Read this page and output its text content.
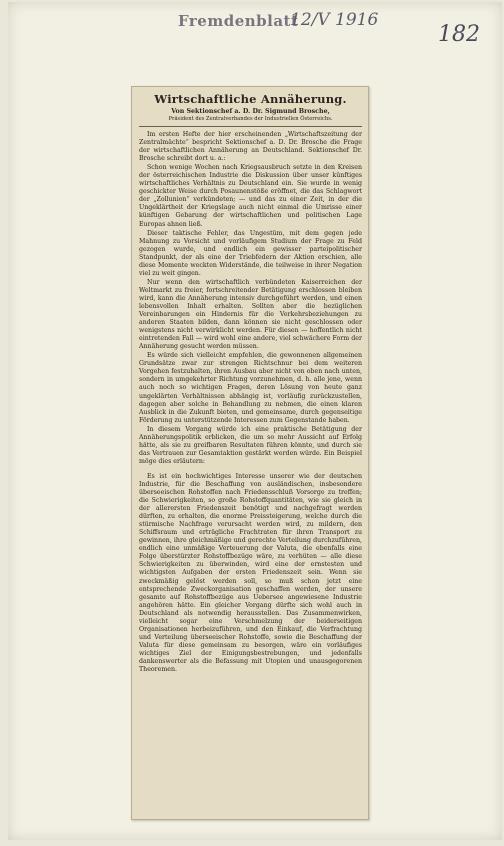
Fremdenblatt
12/V 1916
182
Wirtschaftliche Annäherung.
Von Sektionschef a. D. Dr. Sigmund Brosche,
Präsident des Zentralverbandes der Industriellen Österreichs.

Im ersten Hefte der hier erscheinenden „Wirtschaftszeitung der Zentralmächte“ bespricht Sektionschef a. D. Dr. Brosche die Frage der wirtschaftlichen Annäherung an Deutschland. Sektionschef Dr. Brosche schreibt dort u. a.:

Schon wenige Wochen nach Kriegsausbruch setzte in den Kreisen der österreichischen Industrie die Diskussion über unser künftiges wirtschaftliches Verhältnis zu Deutschland ein. Sie wurde in wenig geschickter Weise durch Posaunenstöße eröffnet, die das Schlagwort der „Zollunion“ verkündeten; — und das zu einer Zeit, in der die Ungeklärtheit der Kriegslage auch nicht einmal die Umrisse einer künftigen Gebarung der wirtschaftlichen und politischen Lage Europas ahnen ließ.

Dieser taktische Fehler, das Ungestüm, mit dem gegen jede Mahnung zu Vorsicht und vorläufigem Studium der Frage zu Feld gezogen wurde, und endlich ein gewisser parteipolitischer Standpunkt, der als eine der Triebfedern der Aktion erschien, alle diese Momente weckten Widerstände, die teilweise in ihrer Negation viel zu weit gingen.

Nur wenn den wirtschaftlich verbündeten Kaiserreichen der Weltmarkt zu freier, fortschreitender Betätigung erschlossen bleiben wird, kann die Annäherung intensiv durchgeführt werden, und einen lebensvollen Inhalt erhalten. Sollten aber die bezüglichen Vereinbarungen ein Hindernis für die Verkehrsbeziehungen zu anderen Staaten bilden, dann können sie nicht geschlossen oder wenigstens nicht verwirklicht werden. Für diesen — hoffentlich nicht eintretenden Fall — wird wohl eine andere, viel schwächere Form der Annäherung gesucht werden müssen.

Es würde sich vielleicht empfehlen, die gewonnenen allgemeinen Grundsätze zwar zur strengen Richtschnur bei dem weiteren Vorgehen festzuhalten, ihren Ausbau aber nicht von oben nach unten, sondern in umgekehrter Richtung vorzunehmen, d. h. alle jene, wenn auch noch so wichtigen Fragen, deren Lösung von heute ganz ungeklärten Verhältnissen abhängig ist, vorläufig zurückzustellen, dagegen aber solche in Behandlung zu nehmen, die einen klaren Ausblick in die Zukunft bieten, und gemeinsame, durch gegenseitige Förderung zu unterstützende Interessen zum Gegenstande haben.

In diesem Vorgang würde ich eine praktische Betätigung der Annäherungspolitik erblicken, die um so mehr Aussicht auf Erfolg hätte, als sie zu greifbaren Resultaten führen könnte, und durch sie das Vertrauen zur Gesamtaktion gestärkt werden würde. Ein Beispiel möge dies erläutern:

Es ist ein hochwichtiges Interesse unserer wie der deutschen Industrie, für die Beschaffung von ausländischen, insbesondere überseeischen Rohstoffen nach Friedensschluß Vorsorge zu treffen; die Schwierigkeiten, so große Rohstoffquantitäten, wie sie gleich in der allerersten Friedenszeit benötigt und nachgefragt werden dürften, zu erhalten, die enorme Preissteigerung, welche durch die stürmische Nachfrage verursacht werden wird, zu mildern, den Schiffsraum und erträgliche Frachtraten für ihren Transport zu gewinnen, ihre gleichmäßige und gerechte Verteilung durchzuführen, endlich eine unmäßige Verteuerung der Valuta, die ebenfalls eine Folge überstürzter Rohstoffbezüge wäre, zu verhüten — alle diese Schwierigkeiten zu überwinden, wird eine der ernstesten und wichtigsten Aufgaben der ersten Friedenszeit sein. Wenn sie zweckmäßig gelöst werden soll, so muß schon jetzt eine entsprechende Zweckorganisation geschaffen werden, der unsere gesamte auf Rohstoffbezüge aus Uebersee angewiesene Industrie angehören hätte. Ein gleicher Vorgang dürfte sich wohl auch in Deutschland als notwendig herausstellen. Das Zusammenwirken, vielleicht sogar eine Verschmelzung der beiderseitigen Organisationen herbeizuführen, und den Einkauf, die Verfrachtung und Verteilung überseeischer Rohstoffe, sowie die Beschaffung der Valuta für diese gemeinsam zu besorgen, wäre ein vorläufiges wichtiges Ziel der Einigungsbestrebungen, und jedenfalls dankenswerter als die Befassung mit Utopien und unausgegorenen Theoremen.
